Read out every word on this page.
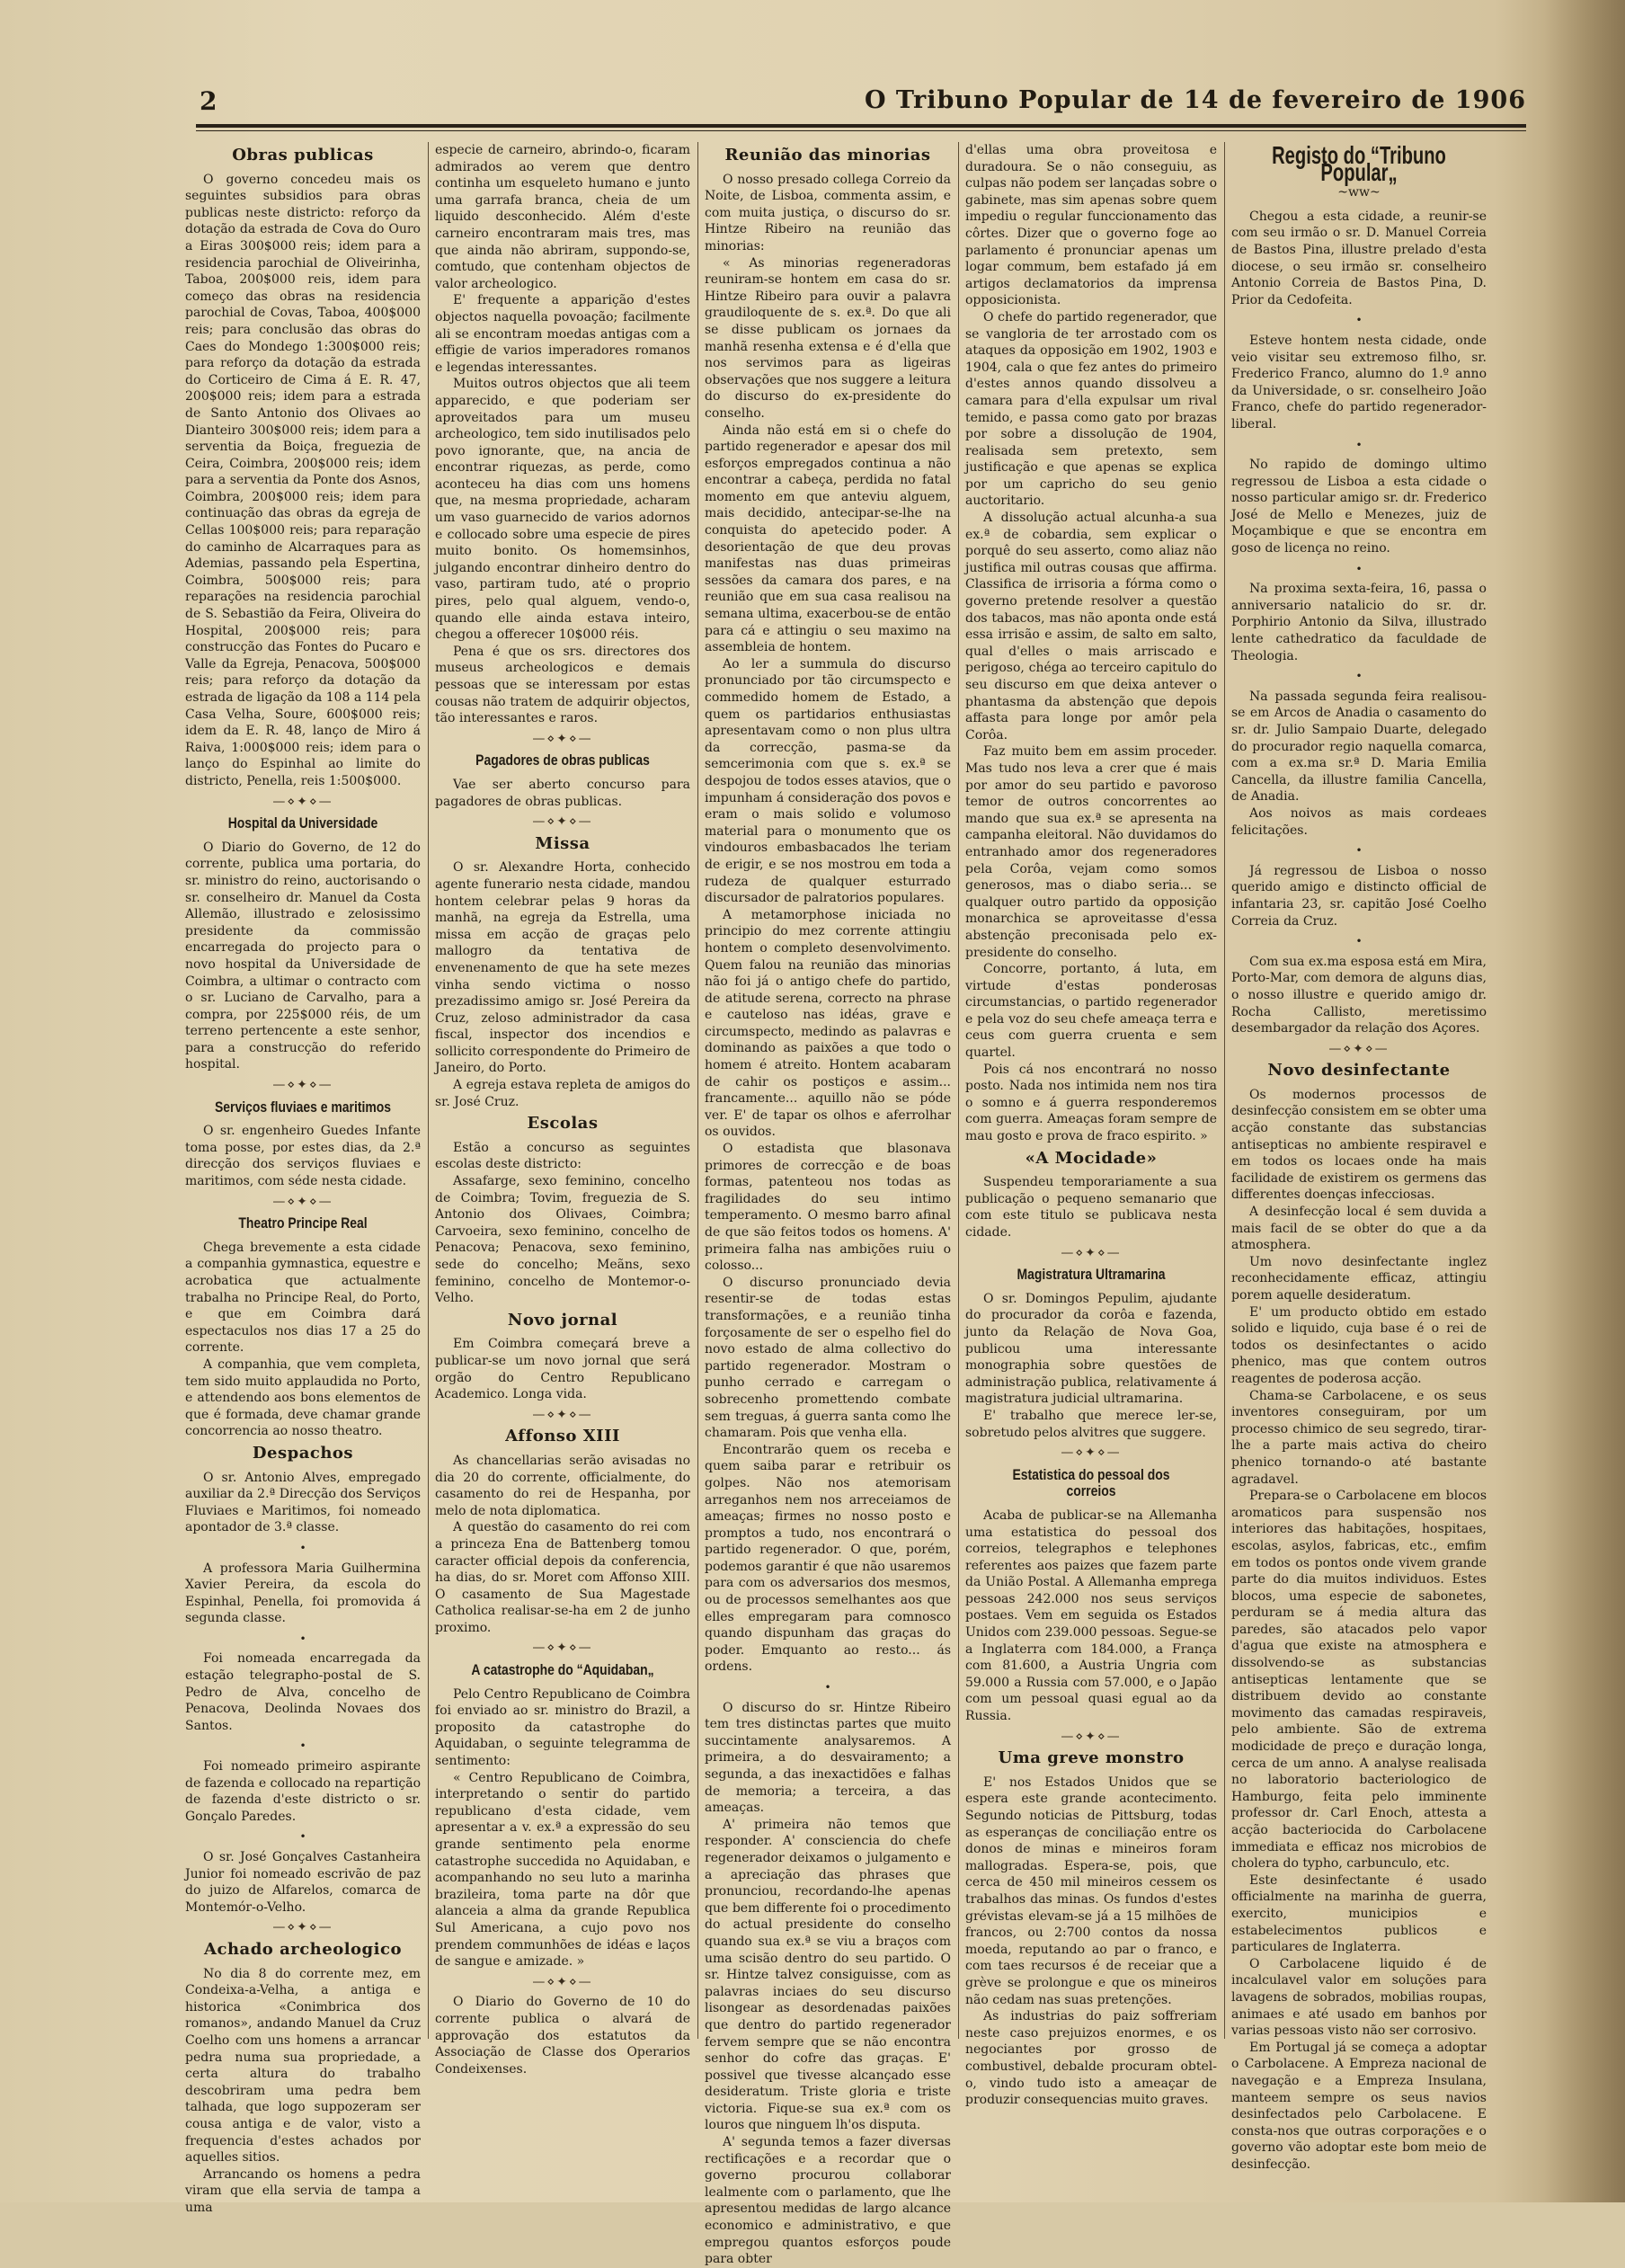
2	O Tribuno Popular de 14 de fevereiro de 1906
Obras publicas

O governo concedeu mais os seguintes subsidios para obras publicas neste districto: reforço da dotação da estrada de Cova do Ouro a Eiras 300$000 reis; idem para a residencia parochial de Oliveirinha, Taboa, 200$000 reis, idem para começo das obras na residencia parochial de Covas, Taboa, 400$000 reis; para conclusão das obras do Caes do Mondego 1:300$000 reis; para reforço da dotação da estrada do Corticeiro de Cima á E. R. 47, 200$000 reis; idem para a estrada de Santo Antonio dos Olivaes ao Dianteiro 300$000 reis; idem para a serventia da Boiça, freguezia de Ceira, Coimbra, 200$000 reis; idem para a serventia da Ponte dos Asnos, Coimbra, 200$000 reis; idem para continuação das obras da egreja de Cellas 100$000 reis; para reparação do caminho de Alcarraques para as Ademias, passando pela Espertina, Coimbra, 500$000 reis; para reparações na residencia parochial de S. Sebastião da Feira, Oliveira do Hospital, 200$000 reis; para construcção das Fontes do Pucaro e Valle da Egreja, Penacova, 500$000 reis; para reforço da dotação da estrada de ligação da 108 a 114 pela Casa Velha, Soure, 600$000 reis; idem da E. R. 48, lanço de Miro á Raiva, 1:000$000 reis; idem para o lanço do Espinhal ao limite do districto, Penella, reis 1:500$000.

—⋄✦⋄—
Hospital da Universidade

O Diario do Governo, de 12 do corrente, publica uma portaria, do sr. ministro do reino, auctorisando o sr. conselheiro dr. Manuel da Costa Allemão, illustrado e zelosissimo presidente da commissão encarregada do projecto para o novo hospital da Universidade de Coimbra, a ultimar o contracto com o sr. Luciano de Carvalho, para a compra, por 225$000 réis, de um terreno pertencente a este senhor, para a construcção do referido hospital.

—⋄✦⋄—
Serviços fluviaes e maritimos

O sr. engenheiro Guedes Infante toma posse, por estes dias, da 2.ª direcção dos serviços fluviaes e maritimos, com séde nesta cidade.

—⋄✦⋄—
Theatro Principe Real

Chega brevemente a esta cidade a companhia gymnastica, equestre e acrobatica que actualmente trabalha no Principe Real, do Porto, e que em Coimbra dará espectaculos nos dias 17 a 25 do corrente.

A companhia, que vem completa, tem sido muito applaudida no Porto, e attendendo aos bons elementos de que é formada, deve chamar grande concorrencia ao nosso theatro.

Despachos

O sr. Antonio Alves, empregado auxiliar da 2.ª Direcção dos Serviços Fluviaes e Maritimos, foi nomeado apontador de 3.ª classe.

•

A professora Maria Guilhermina Xavier Pereira, da escola do Espinhal, Penella, foi promovida á segunda classe.

•

Foi nomeada encarregada da estação telegrapho-postal de S. Pedro de Alva, concelho de Penacova, Deolinda Novaes dos Santos.

•

Foi nomeado primeiro aspirante de fazenda e collocado na repartição de fazenda d'este districto o sr. Gonçalo Paredes.

•

O sr. José Gonçalves Castanheira Junior foi nomeado escrivão de paz do juizo de Alfarelos, comarca de Montemór-o-Velho.

—⋄✦⋄—
Achado archeologico

No dia 8 do corrente mez, em Condeixa-a-Velha, a antiga e historica «Conimbrica dos romanos», andando Manuel da Cruz Coelho com uns homens a arrancar pedra numa sua propriedade, a certa altura do trabalho descobriram uma pedra bem talhada, que logo suppozeram ser cousa antiga e de valor, visto a frequencia d'estes achados por aquelles sitios.

Arrancando os homens a pedra viram que ella servia de tampa a uma

especie de carneiro, abrindo-o, ficaram admirados ao verem que dentro continha um esqueleto humano e junto uma garrafa branca, cheia de um liquido desconhecido. Além d'este carneiro encontraram mais tres, mas que ainda não abriram, suppondo-se, comtudo, que contenham objectos de valor archeologico.

E' frequente a apparição d'estes objectos naquella povoação; facilmente ali se encontram moedas antigas com a effigie de varios imperadores romanos e legendas interessantes.

Muitos outros objectos que ali teem apparecido, e que poderiam ser aproveitados para um museu archeologico, tem sido inutilisados pelo povo ignorante, que, na ancia de encontrar riquezas, as perde, como aconteceu ha dias com uns homens que, na mesma propriedade, acharam um vaso guarnecido de varios adornos e collocado sobre uma especie de pires muito bonito. Os homemsinhos, julgando encontrar dinheiro dentro do vaso, partiram tudo, até o proprio pires, pelo qual alguem, vendo-o, quando elle ainda estava inteiro, chegou a offerecer 10$000 réis.

Pena é que os srs. directores dos museus archeologicos e demais pessoas que se interessam por estas cousas não tratem de adquirir objectos, tão interessantes e raros.

—⋄✦⋄—
Pagadores de obras publicas

Vae ser aberto concurso para pagadores de obras publicas.

—⋄✦⋄—
Missa

O sr. Alexandre Horta, conhecido agente funerario nesta cidade, mandou hontem celebrar pelas 9 horas da manhã, na egreja da Estrella, uma missa em acção de graças pelo mallogro da tentativa de envenenamento de que ha sete mezes vinha sendo victima o nosso prezadissimo amigo sr. José Pereira da Cruz, zeloso administrador da casa fiscal, inspector dos incendios e sollicito correspondente do Primeiro de Janeiro, do Porto.

A egreja estava repleta de amigos do sr. José Cruz.

Escolas

Estão a concurso as seguintes escolas deste districto:

Assafarge, sexo feminino, concelho de Coimbra; Tovim, freguezia de S. Antonio dos Olivaes, Coimbra; Carvoeira, sexo feminino, concelho de Penacova; Penacova, sexo feminino, sede do concelho; Meãns, sexo feminino, concelho de Montemor-o-Velho.

Novo jornal

Em Coimbra começará breve a publicar-se um novo jornal que será orgão do Centro Republicano Academico. Longa vida.

—⋄✦⋄—
Affonso XIII

As chancellarias serão avisadas no dia 20 do corrente, officialmente, do casamento do rei de Hespanha, por melo de nota diplomatica.

A questão do casamento do rei com a princeza Ena de Battenberg tomou caracter official depois da conferencia, ha dias, do sr. Moret com Affonso XIII. O casamento de Sua Magestade Catholica realisar-se-ha em 2 de junho proximo.

—⋄✦⋄—
A catastrophe do “Aquidaban„

Pelo Centro Republicano de Coimbra foi enviado ao sr. ministro do Brazil, a proposito da catastrophe do Aquidaban, o seguinte telegramma de sentimento:

« Centro Republicano de Coimbra, interpretando o sentir do partido republicano d'esta cidade, vem apresentar a v. ex.ª a expressão do seu grande sentimento pela enorme catastrophe succedida no Aquidaban, e acompanhando no seu luto a marinha brazileira, toma parte na dôr que alanceia a alma da grande Republica Sul Americana, a cujo povo nos prendem communhões de idéas e laços de sangue e amizade. »

—⋄✦⋄—

O Diario do Governo de 10 do corrente publica o alvará de approvação dos estatutos da Associação de Classe dos Operarios Condeixenses.

Reunião das minorias

O nosso presado collega Correio da Noite, de Lisboa, commenta assim, e com muita justiça, o discurso do sr. Hintze Ribeiro na reunião das minorias:

« As minorias regeneradoras reuniram-se hontem em casa do sr. Hintze Ribeiro para ouvir a palavra graudiloquente de s. ex.ª. Do que ali se disse publicam os jornaes da manhã resenha extensa e é d'ella que nos servimos para as ligeiras observações que nos suggere a leitura do discurso do ex-presidente do conselho.

Ainda não está em si o chefe do partido regenerador e apesar dos mil esforços empregados continua a não encontrar a cabeça, perdida no fatal momento em que anteviu alguem, mais decidido, antecipar-se-lhe na conquista do apetecido poder. A desorientação de que deu provas manifestas nas duas primeiras sessões da camara dos pares, e na reunião que em sua casa realisou na semana ultima, exacerbou-se de então para cá e attingiu o seu maximo na assembleia de hontem.

Ao ler a summula do discurso pronunciado por tão circumspecto e commedido homem de Estado, a quem os partidarios enthusiastas apresentavam como o non plus ultra da correcção, pasma-se da semcerimonia com que s. ex.ª se despojou de todos esses atavios, que o impunham á consideração dos povos e eram o mais solido e volumoso material para o monumento que os vindouros embasbacados lhe teriam de erigir, e se nos mostrou em toda a rudeza de qualquer esturrado discursador de palratorios populares.

A metamorphose iniciada no principio do mez corrente attingiu hontem o completo desenvolvimento. Quem falou na reunião das minorias não foi já o antigo chefe do partido, de atitude serena, correcto na phrase e cauteloso nas idéas, grave e circumspecto, medindo as palavras e dominando as paixões a que todo o homem é atreito. Hontem acabaram de cahir os postiços e assim... francamente... aquillo não se póde ver. E' de tapar os olhos e aferrolhar os ouvidos.

O estadista que blasonava primores de correcção e de boas formas, patenteou nos todas as fragilidades do seu intimo temperamento. O mesmo barro afinal de que são feitos todos os homens. A' primeira falha nas ambições ruiu o colosso...

O discurso pronunciado devia resentir-se de todas estas transformações, e a reunião tinha forçosamente de ser o espelho fiel do novo estado de alma collectivo do partido regenerador. Mostram o punho cerrado e carregam o sobrecenho promettendo combate sem treguas, á guerra santa como lhe chamaram. Pois que venha ella.

Encontrarão quem os receba e quem saiba parar e retribuir os golpes. Não nos atemorisam arreganhos nem nos arreceiamos de ameaças; firmes no nosso posto e promptos a tudo, nos encontrará o partido regenerador. O que, porém, podemos garantir é que não usaremos para com os adversarios dos mesmos, ou de processos semelhantes aos que elles empregaram para comnosco quando dispunham das graças do poder. Emquanto ao resto... ás ordens.

•

O discurso do sr. Hintze Ribeiro tem tres distinctas partes que muito succintamente analysaremos. A primeira, a do desvairamento; a segunda, a das inexactidões e falhas de memoria; a terceira, a das ameaças.

A' primeira não temos que responder. A' consciencia do chefe regenerador deixamos o julgamento e a apreciação das phrases que pronunciou, recordando-lhe apenas que bem differente foi o procedimento do actual presidente do conselho quando sua ex.ª se viu a braços com uma scisão dentro do seu partido. O sr. Hintze talvez consiguisse, com as palavras inciaes do seu discurso lisongear as desordenadas paixões que dentro do partido regenerador fervem sempre que se não encontra senhor do cofre das graças. E' possivel que tivesse alcançado esse desideratum. Triste gloria e triste victoria. Fique-se sua ex.ª com os louros que ninguem lh'os disputa.

A' segunda temos a fazer diversas rectificações e a recordar que o governo procurou collaborar lealmente com o parlamento, que lhe apresentou medidas de largo alcance economico e administrativo, e que empregou quantos esforços poude para obter

d'ellas uma obra proveitosa e duradoura. Se o não conseguiu, as culpas não podem ser lançadas sobre o gabinete, mas sim apenas sobre quem impediu o regular funccionamento das côrtes. Dizer que o governo foge ao parlamento é pronunciar apenas um logar commum, bem estafado já em artigos declamatorios da imprensa opposicionista.

O chefe do partido regenerador, que se vangloria de ter arrostado com os ataques da opposição em 1902, 1903 e 1904, cala o que fez antes do primeiro d'estes annos quando dissolveu a camara para d'ella expulsar um rival temido, e passa como gato por brazas por sobre a dissolução de 1904, realisada sem pretexto, sem justificação e que apenas se explica por um capricho do seu genio auctoritario.

A dissolução actual alcunha-a sua ex.ª de cobardia, sem explicar o porquê do seu asserto, como aliaz não justifica mil outras cousas que affirma. Classifica de irrisoria a fórma como o governo pretende resolver a questão dos tabacos, mas não aponta onde está essa irrisão e assim, de salto em salto, qual d'elles o mais arriscado e perigoso, chéga ao terceiro capitulo do seu discurso em que deixa antever o phantasma da abstenção que depois affasta para longe por amôr pela Corôa.

Faz muito bem em assim proceder. Mas tudo nos leva a crer que é mais por amor do seu partido e pavoroso temor de outros concorrentes ao mando que sua ex.ª se apresenta na campanha eleitoral. Não duvidamos do entranhado amor dos regeneradores pela Corôa, vejam como somos generosos, mas o diabo seria... se qualquer outro partido da opposição monarchica se aproveitasse d'essa abstenção preconisada pelo ex-presidente do conselho.

Concorre, portanto, á luta, em virtude d'estas ponderosas circumstancias, o partido regenerador e pela voz do seu chefe ameaça terra e ceus com guerra cruenta e sem quartel.

Pois cá nos encontrará no nosso posto. Nada nos intimida nem nos tira o somno e á guerra responderemos com guerra. Ameaças foram sempre de mau gosto e prova de fraco espirito. »

«A Mocidade»

Suspendeu temporariamente a sua publicação o pequeno semanario que com este titulo se publicava nesta cidade.

—⋄✦⋄—
Magistratura Ultramarina

O sr. Domingos Pepulim, ajudante do procurador da corôa e fazenda, junto da Relação de Nova Goa, publicou uma interessante monographia sobre questões de administração publica, relativamente á magistratura judicial ultramarina.

E' trabalho que merece ler-se, sobretudo pelos alvitres que suggere.

—⋄✦⋄—
Estatistica do pessoal dos correios

Acaba de publicar-se na Allemanha uma estatistica do pessoal dos correios, telegraphos e telephones referentes aos paizes que fazem parte da União Postal. A Allemanha emprega pessoas 242.000 nos seus serviços postaes. Vem em seguida os Estados Unidos com 239.000 pessoas. Segue-se a Inglaterra com 184.000, a França com 81.600, a Austria Ungria com 59.000 a Russia com 57.000, e o Japão com um pessoal quasi egual ao da Russia.

—⋄✦⋄—
Uma greve monstro

E' nos Estados Unidos que se espera este grande acontecimento. Segundo noticias de Pittsburg, todas as esperanças de conciliação entre os donos de minas e mineiros foram mallogradas. Espera-se, pois, que cerca de 450 mil mineiros cessem os trabalhos das minas. Os fundos d'estes grévistas elevam-se já a 15 milhões de francos, ou 2:700 contos da nossa moeda, reputando ao par o franco, e com taes recursos é de receiar que a grève se prolongue e que os mineiros não cedam nas suas pretenções.

As industrias do paiz soffreriam neste caso prejuizos enormes, e os negociantes por grosso de combustivel, debalde procuram obtel-o, vindo tudo isto a ameaçar de produzir consequencias muito graves.

Registo do “Tribuno Popular„
~ww~

Chegou a esta cidade, a reunir-se com seu irmão o sr. D. Manuel Correia de Bastos Pina, illustre prelado d'esta diocese, o seu irmão sr. conselheiro Antonio Correia de Bastos Pina, D. Prior da Cedofeita.

•

Esteve hontem nesta cidade, onde veio visitar seu extremoso filho, sr. Frederico Franco, alumno do 1.º anno da Universidade, o sr. conselheiro João Franco, chefe do partido regenerador-liberal.

•

No rapido de domingo ultimo regressou de Lisboa a esta cidade o nosso particular amigo sr. dr. Frederico José de Mello e Menezes, juiz de Moçambique e que se encontra em goso de licença no reino.

•

Na proxima sexta-feira, 16, passa o anniversario natalicio do sr. dr. Porphirio Antonio da Silva, illustrado lente cathedratico da faculdade de Theologia.

•

Na passada segunda feira realisou-se em Arcos de Anadia o casamento do sr. dr. Julio Sampaio Duarte, delegado do procurador regio naquella comarca, com a ex.ma sr.ª D. Maria Emilia Cancella, da illustre familia Cancella, de Anadia.

Aos noivos as mais cordeaes felicitações.

•

Já regressou de Lisboa o nosso querido amigo e distincto official de infantaria 23, sr. capitão José Coelho Correia da Cruz.

•

Com sua ex.ma esposa está em Mira, Porto-Mar, com demora de alguns dias, o nosso illustre e querido amigo dr. Rocha Callisto, meretissimo desembargador da relação dos Açores.

—⋄✦⋄—
Novo desinfectante

Os modernos processos de desinfecção consistem em se obter uma acção constante das substancias antisepticas no ambiente respiravel e em todos os locaes onde ha mais facilidade de existirem os germens das differentes doenças infecciosas.

A desinfecção local é sem duvida a mais facil de se obter do que a da atmosphera.

Um novo desinfectante inglez reconhecidamente efficaz, attingiu porem aquelle desideratum.

E' um producto obtido em estado solido e liquido, cuja base é o rei de todos os desinfectantes o acido phenico, mas que contem outros reagentes de poderosa acção.

Chama-se Carbolacene, e os seus inventores conseguiram, por um processo chimico de seu segredo, tirar-lhe a parte mais activa do cheiro phenico tornando-o até bastante agradavel.

Prepara-se o Carbolacene em blocos aromaticos para suspensão nos interiores das habitações, hospitaes, escolas, asylos, fabricas, etc., emfim em todos os pontos onde vivem grande parte do dia muitos individuos. Estes blocos, uma especie de sabonetes, perduram se á media altura das paredes, são atacados pelo vapor d'agua que existe na atmosphera e dissolvendo-se as substancias antisepticas lentamente que se distribuem devido ao constante movimento das camadas respiraveis, pelo ambiente. São de extrema modicidade de preço e duração longa, cerca de um anno. A analyse realisada no laboratorio bacteriologico de Hamburgo, feita pelo imminente professor dr. Carl Enoch, attesta a acção bacteriocida do Carbolacene immediata e efficaz nos microbios de cholera do typho, carbunculo, etc.

Este desinfectante é usado officialmente na marinha de guerra, exercito, municipios e estabelecimentos publicos e particulares de Inglaterra.

O Carbolacene liquido é de incalculavel valor em soluções para lavagens de sobrados, mobilias roupas, animaes e até usado em banhos por varias pessoas visto não ser corrosivo.

Em Portugal já se começa a adoptar o Carbolacene. A Empreza nacional de navegação e a Empreza Insulana, manteem sempre os seus navios desinfectados pelo Carbolacene. E consta-nos que outras corporações e o governo vão adoptar este bom meio de desinfecção.
